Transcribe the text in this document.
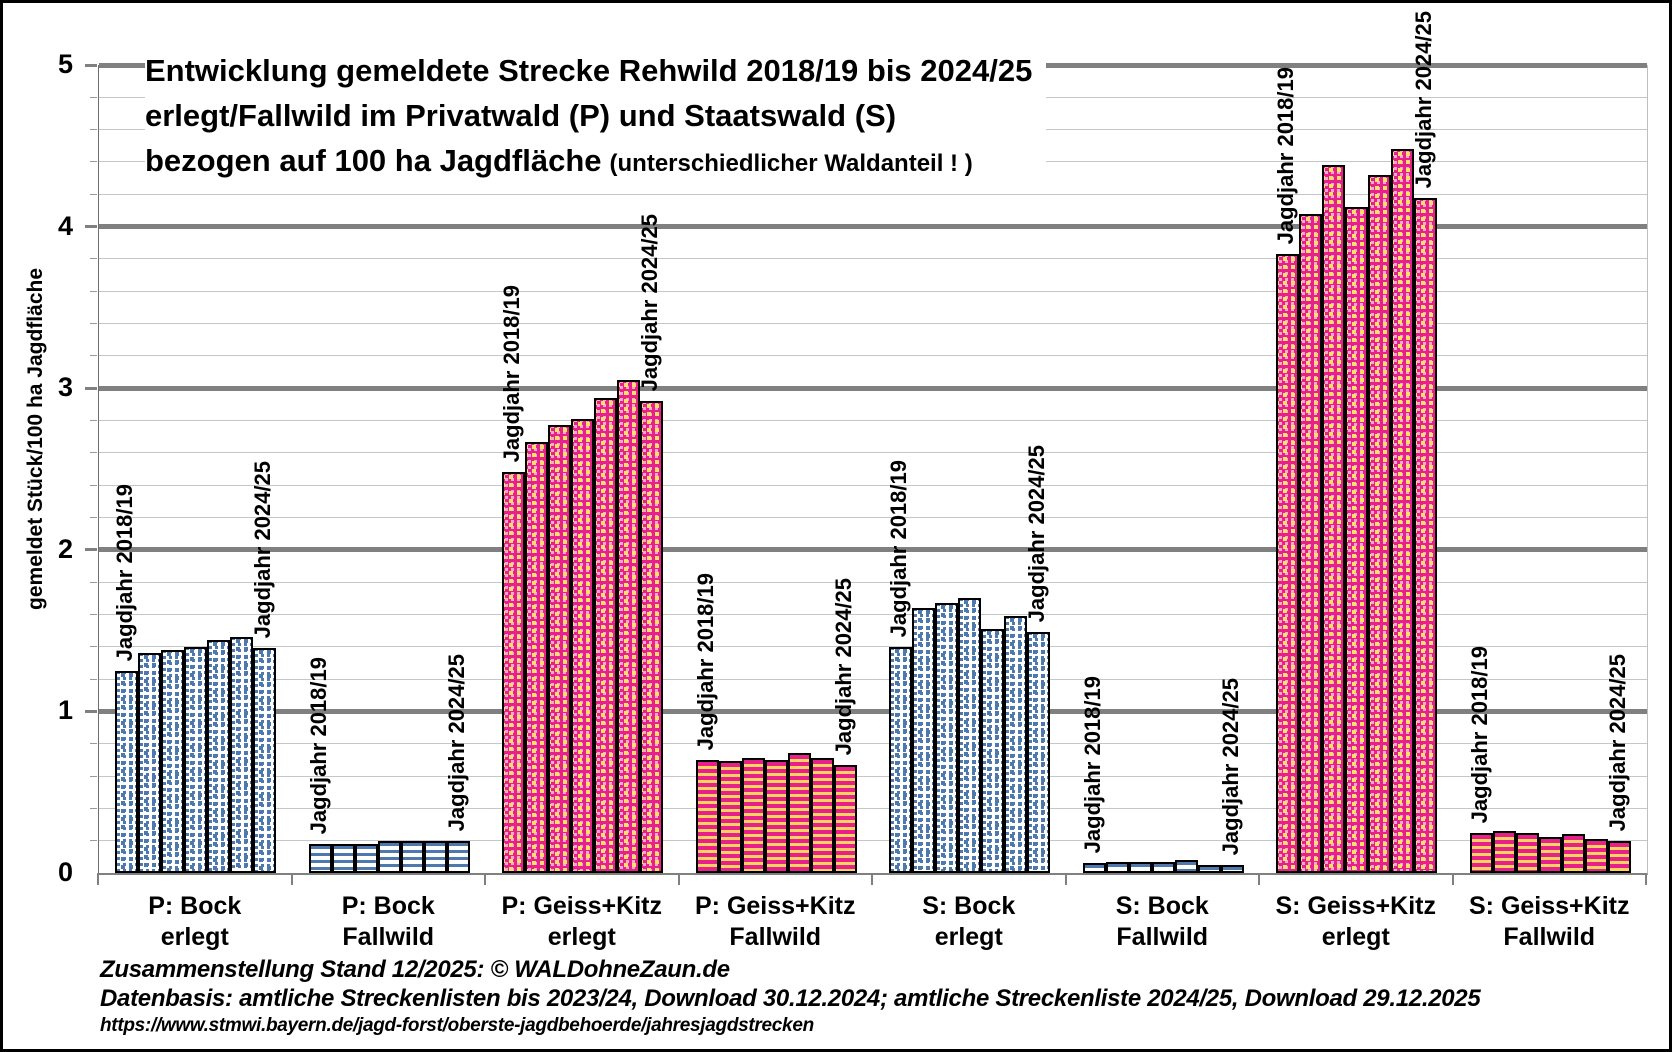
Entwicklung gemeldete Strecke Rehwild 2018/19 bis 2024/25
erlegt/Fallwild im Privatwald (P) und Staatswald (S)
bezogen auf 100 ha Jagdfläche (unterschiedlicher Waldanteil ! )
gemeldet Stück/100 ha Jagdfläche
0
1
2
3
4
5
Jagdjahr 2018/19	Jagdjahr 2024/25
Jagdjahr 2018/19	Jagdjahr 2024/25
Jagdjahr 2018/19	Jagdjahr 2024/25
Jagdjahr 2018/19	Jagdjahr 2024/25
Jagdjahr 2018/19	Jagdjahr 2024/25
Jagdjahr 2018/19	Jagdjahr 2024/25
Jagdjahr 2018/19	Jagdjahr 2024/25
Jagdjahr 2018/19	Jagdjahr 2024/25
P: Bock
erlegt
P: Bock
Fallwild
P: Geiss+Kitz
erlegt
P: Geiss+Kitz
Fallwild
S: Bock
erlegt
S: Bock
Fallwild
S: Geiss+Kitz
erlegt
S: Geiss+Kitz
Fallwild
Zusammenstellung Stand 12/2025: © WALDohneZaun.de
Datenbasis: amtliche Streckenlisten bis 2023/24, Download 30.12.2024; amtliche Streckenliste 2024/25, Download 29.12.2025
https://www.stmwi.bayern.de/jagd-forst/oberste-jagdbehoerde/jahresjagdstrecken
